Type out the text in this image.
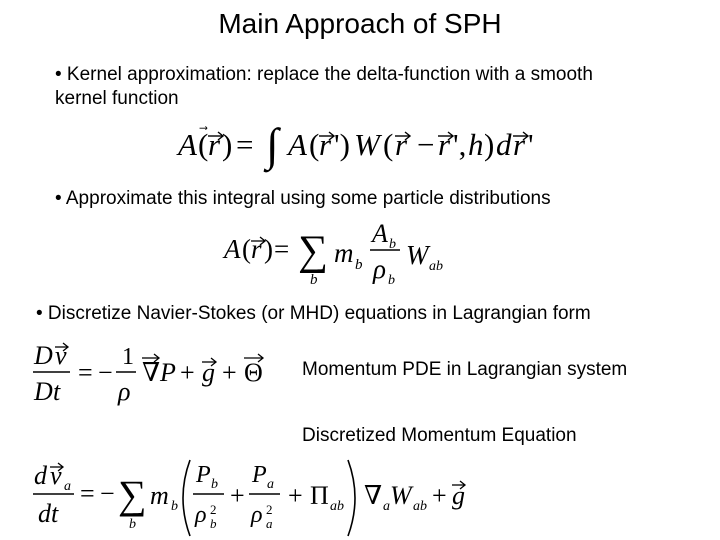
Main Approach of SPH
• Kernel approximation: replace the delta-function with a smooth
kernel function
A ( r ) = ∫ A ( r ') W ( r − r ', h ) d r '
• Approximate this integral using some particle distributions
A ( r ) = ∑
b
m b
A b
ρ b
W ab
• Discretize Navier-Stokes (or MHD) equations in Lagrangian form
D v
D t
= −
1
ρ
∇ P + g + Θ Momentum PDE in Lagrangian system
Discretized Momentum Equation
d v a
dt
= − ∑
b
m b
P b
ρ 2
b
+
P a
ρ 2
a
+ Π ab ∇ a W ab + g
